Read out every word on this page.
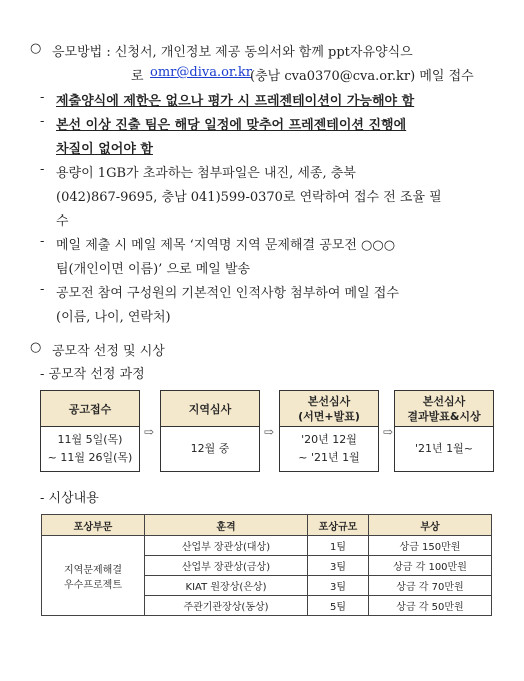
○ 응모방법 : 신청서, 개인정보 제공 동의서와 함께 ppt자유양식으
로 omr@diva.or.kr
(충남 cva0370@cva.or.kr) 메일 접수
- 제출양식에 제한은 없으나 평가 시 프레젠테이션이 가능해야 함
- 본선 이상 진출 팀은 해당 일정에 맞추어 프레젠테이션 진행에
차질이 없어야 함
- 용량이 1GB가 초과하는 첨부파일은 내진, 세종, 충북
(042)867-9695, 충남 041)599-0370로 연락하여 접수 전 조율 필
수
- 메일 제출 시 메일 제목 ‘지역명 지역 문제해결 공모전 ○○○
팀(개인이면 이름)’ 으로 메일 발송
- 공모전 참여 구성원의 기본적인 인적사항 첨부하여 메일 접수
(이름, 나이, 연락처)
○ 공모작 선정 및 시상
- 공모작 선정 과정
공고접수
11월 5일(목)
~ 11월 26일(목)
⇨
지역심사
12월 중
⇨
본선심사
(서면+발표)
'20년 12월
~ '21년 1월
⇨
본선심사
결과발표&시상
'21년 1월~
- 시상내용
포상부문	훈격	포상규모	부상
지역문제해결
우수프로젝트	산업부 장관상(대상)	1팀	상금 150만원
	산업부 장관상(금상)	3팀	상금 각 100만원
	KIAT 원장상(은상)	3팀	상금 각 70만원
	주관기관장상(동상)	5팀	상금 각 50만원
